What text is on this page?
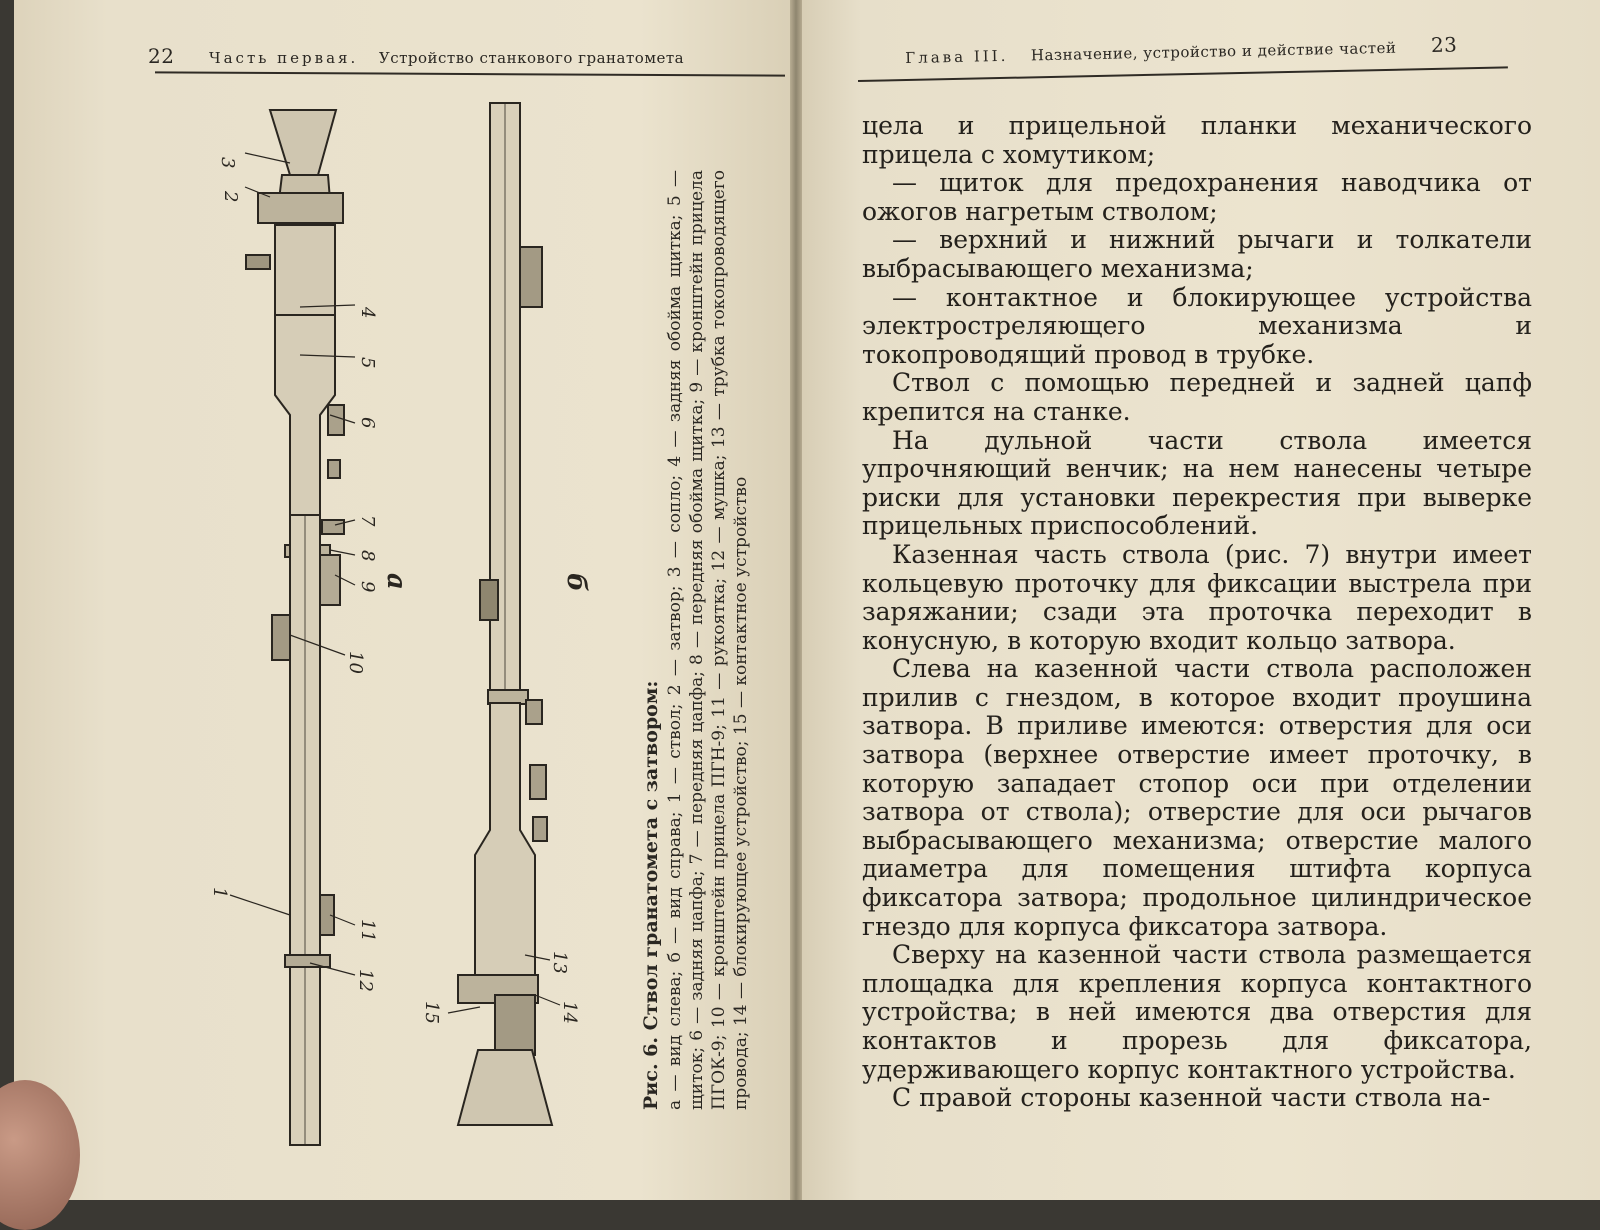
22 Часть первая. Устройство станкового гранатомета	Глава III. Назначение, устройство и действие частей 23
3
2
4
5
6
7
8
9
10
1
11
12
13
14
15
а	б
Рис. 6. Ствол гранатомета с затвором: а — вид слева; б — вид справа; 1 — ствол; 2 — затвор; 3 — сопло; 4 — задняя обойма щитка; 5 — щиток; 6 — задняя цапфа; 7 — передняя цапфа; 8 — передняя обойма щитка; 9 — кронштейн прицела ПГОК-9; 10 — кронштейн прицела ПГН-9; 11 — рукоятка; 12 — мушка; 13 — трубка токопроводящего провода; 14 — блокирующее устройство; 15 — контактное устройство

цела и прицельной планки механического прицела с хомутиком;

— щиток для предохранения наводчика от ожогов нагретым стволом;

— верхний и нижний рычаги и толкатели выбрасывающего механизма;

— контактное и блокирующее устройства электростреляющего механизма и токопроводящий провод в трубке.

Ствол с помощью передней и задней цапф крепится на станке.

На дульной части ствола имеется упрочняющий венчик; на нем нанесены четыре риски для установки перекрестия при выверке прицельных приспособлений.

Казенная часть ствола (рис. 7) внутри имеет кольцевую проточку для фиксации выстрела при заряжании; сзади эта проточка переходит в конусную, в которую входит кольцо затвора.

Слева на казенной части ствола расположен прилив с гнездом, в которое входит проушина затвора. В приливе имеются: отверстия для оси затвора (верхнее отверстие имеет проточку, в которую западает стопор оси при отделении затвора от ствола); отверстие для оси рычагов выбрасывающего механизма; отверстие малого диаметра для помещения штифта корпуса фиксатора затвора; продольное цилиндрическое гнездо для корпуса фиксатора затвора.

Сверху на казенной части ствола размещается площадка для крепления корпуса контактного устройства; в ней имеются два отверстия для контактов и прорезь для фиксатора, удерживающего корпус контактного устройства.

С правой стороны казенной части ствола на-
